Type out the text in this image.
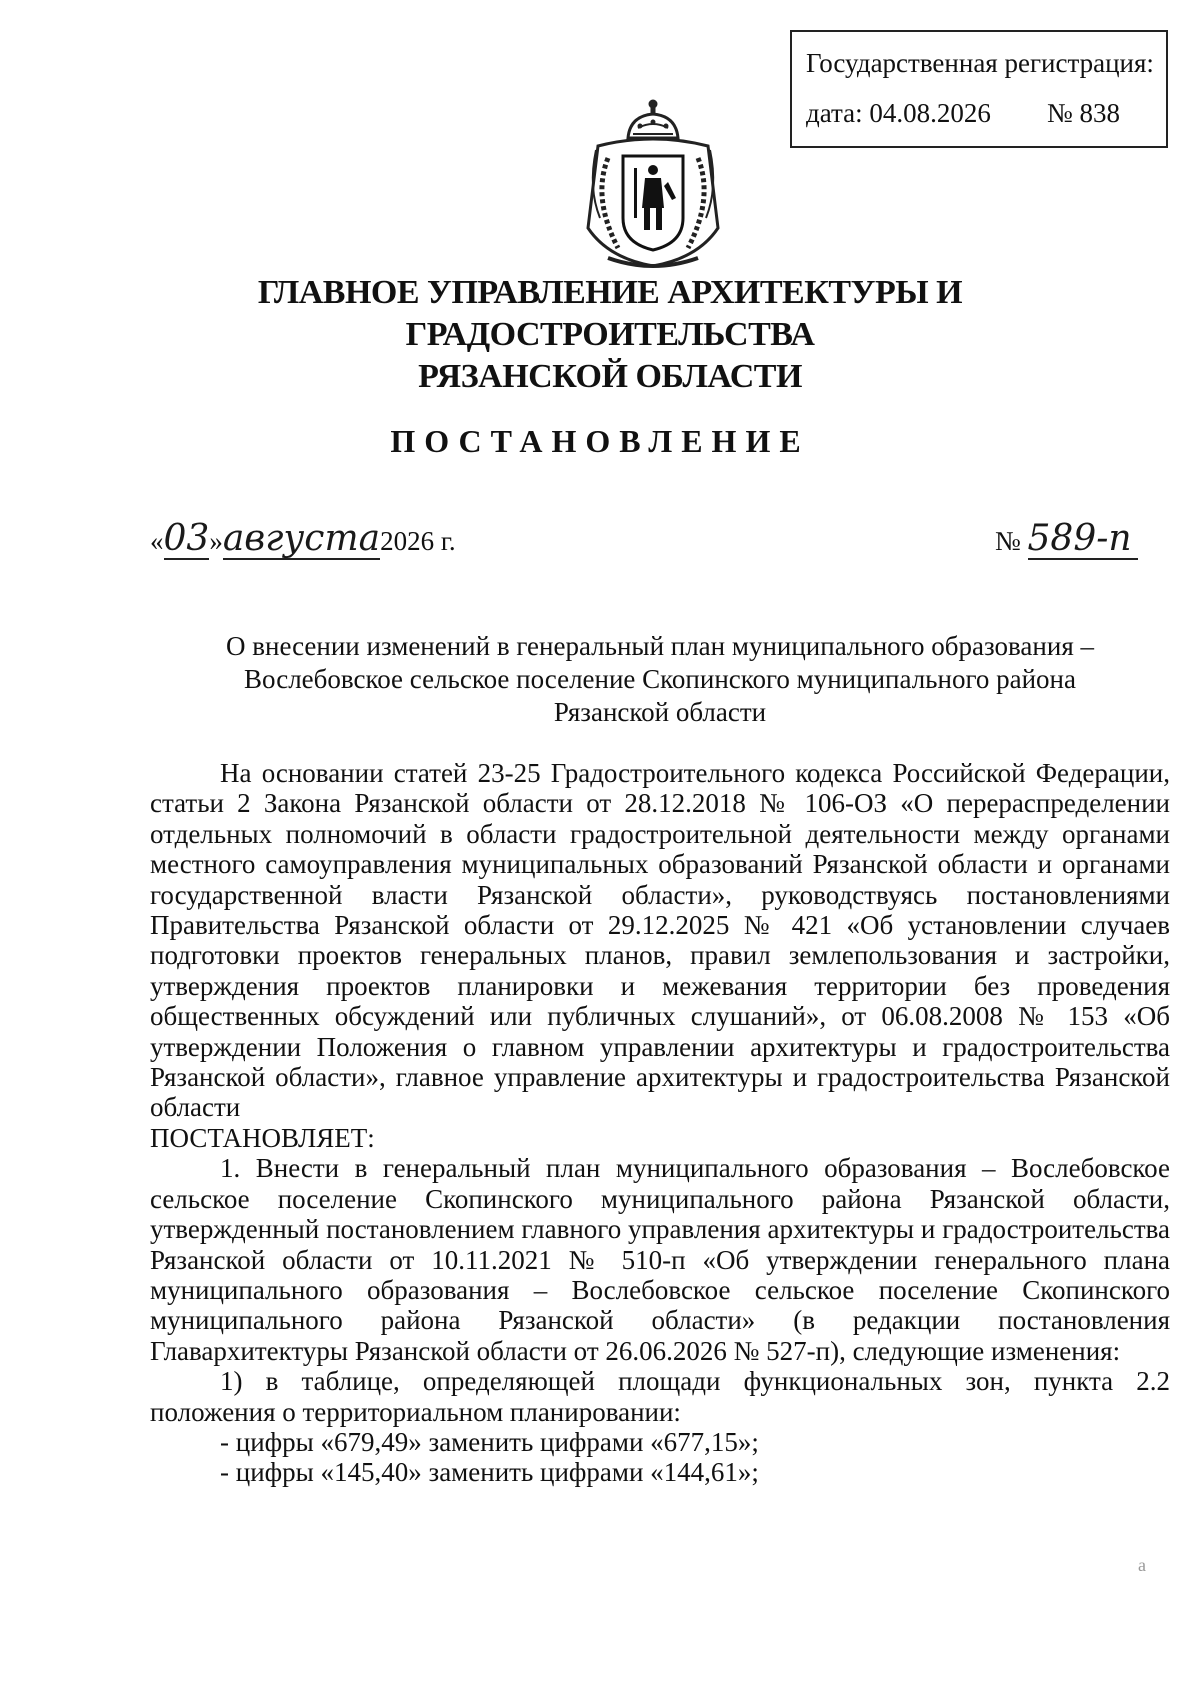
Государственная регистрация:
дата: 04.08.2026 № 838
ГЛАВНОЕ УПРАВЛЕНИЕ АРХИТЕКТУРЫ И ГРАДОСТРОИТЕЛЬСТВА
РЯЗАНСКОЙ ОБЛАСТИ
ПОСТАНОВЛЕНИЕ
«03»августа2026 г.	№ 589-п
О внесении изменений в генеральный план муниципального образования –
Вослебовское сельское поселение Скопинского муниципального района
Рязанской области

На основании статей 23-25 Градостроительного кодекса Российской Федерации, статьи 2 Закона Рязанской области от 28.12.2018 № 106-ОЗ «О перераспределении отдельных полномочий в области градостроительной деятельности между органами местного самоуправления муниципальных образований Рязанской области и органами государственной власти Рязанской области», руководствуясь постановлениями Правительства Рязанской области от 29.12.2025 № 421 «Об установлении случаев подготовки проектов генеральных планов, правил землепользования и застройки, утверждения проектов планировки и межевания территории без проведения общественных обсуждений или публичных слушаний», от 06.08.2008 № 153 «Об утверждении Положения о главном управлении архитектуры и градостроительства Рязанской области», главное управление архитектуры и градостроительства Рязанской области

ПОСТАНОВЛЯЕТ:

1. Внести в генеральный план муниципального образования – Вослебовское сельское поселение Скопинского муниципального района Рязанской области, утвержденный постановлением главного управления архитектуры и градостроительства Рязанской области от 10.11.2021 № 510-п «Об утверждении генерального плана муниципального образования – Вослебовское сельское поселение Скопинского муниципального района Рязанской области» (в редакции постановления Главархитектуры Рязанской области от 26.06.2026 № 527-п), следующие изменения:

1) в таблице, определяющей площади функциональных зон, пункта 2.2 положения о территориальном планировании:

- цифры «679,49» заменить цифрами «677,15»;

- цифры «145,40» заменить цифрами «144,61»;

a
